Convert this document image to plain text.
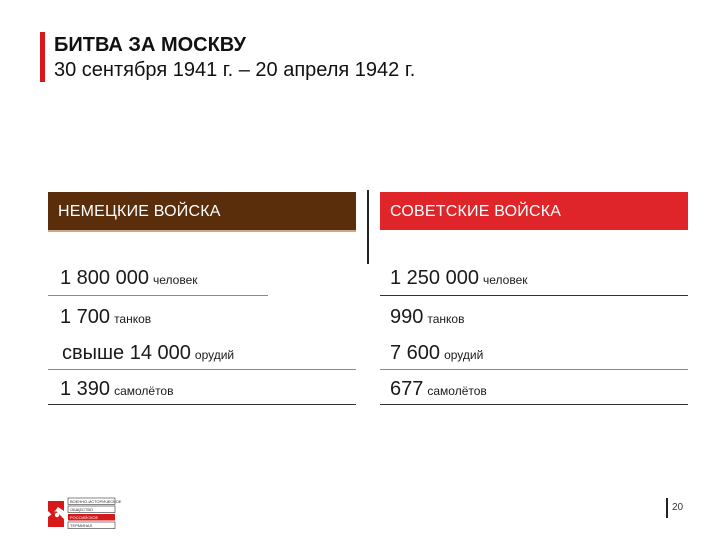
БИТВА ЗА МОСКВУ
30 сентября 1941 г. – 20 апреля 1942 г.
НЕМЕЦКИЕ ВОЙСКА	СОВЕТСКИЕ ВОЙСКА
1 800 000 человек	1 250 000 человек
1 700 танков	990 танков
свыше 14 000 орудий	7 600 орудий
1 390 самолётов	677 самолётов
ВОЕННО-ИСТОРИЧЕСКОЕ
ОБЩЕСТВО
РОССИЙСКОЕ
ТЕРМИНАЛ
20
